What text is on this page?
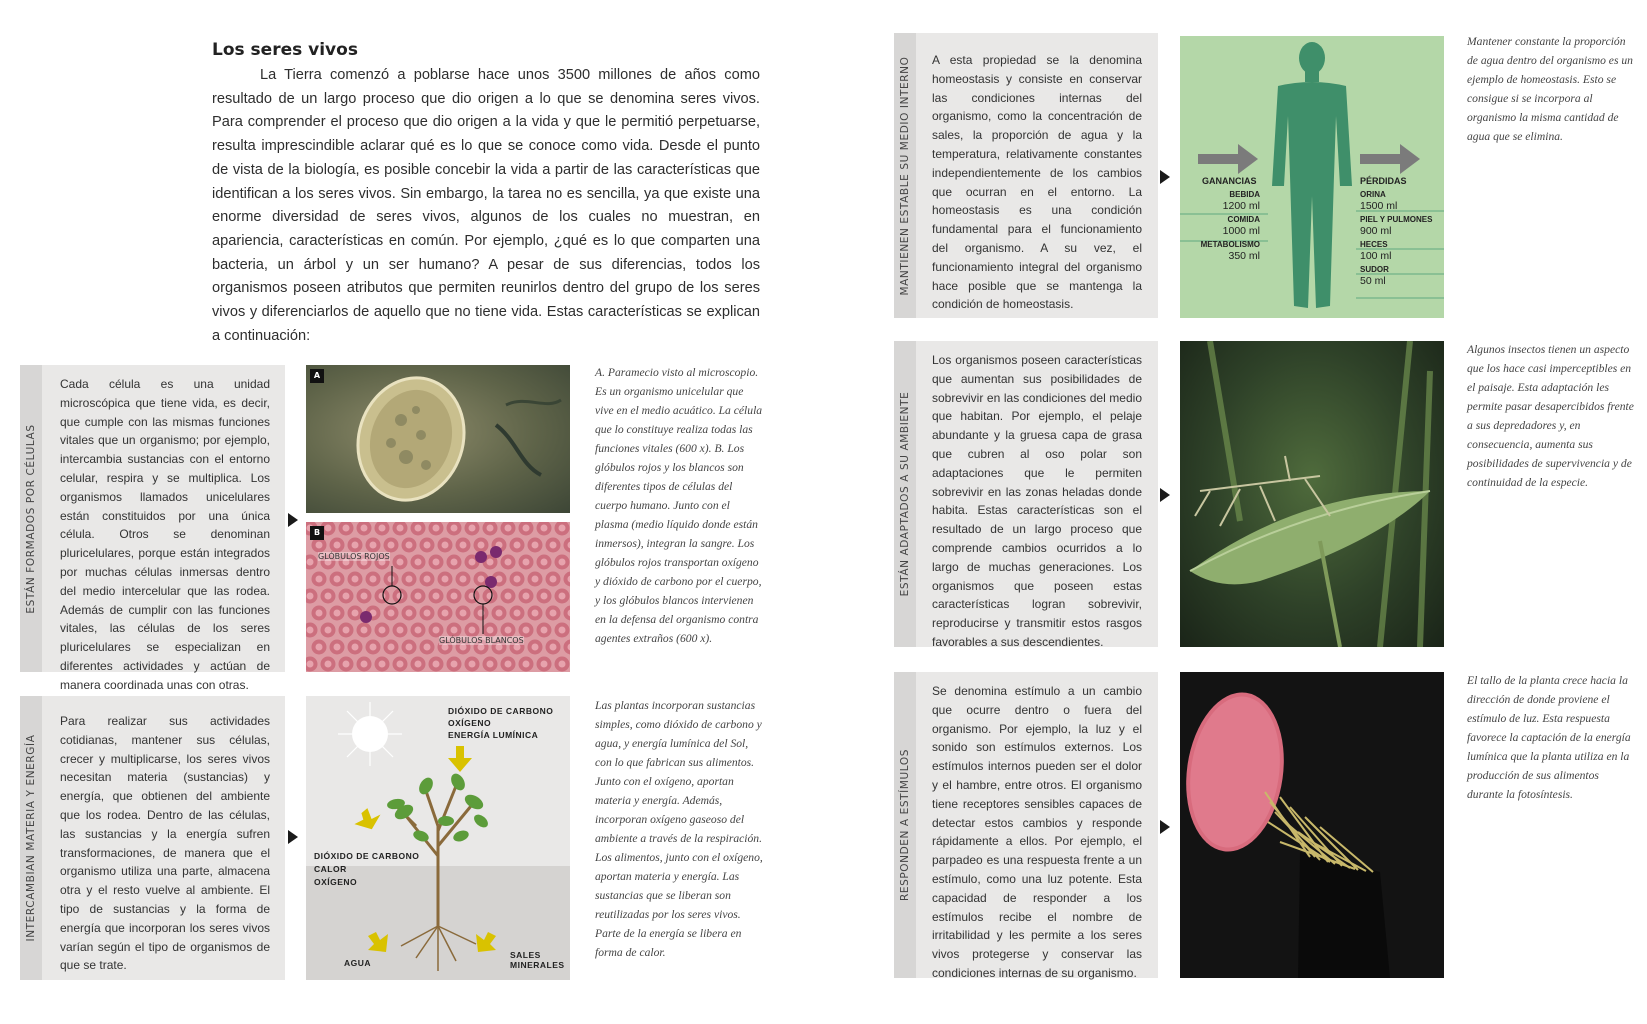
Los seres vivos

La Tierra comenzó a poblarse hace unos 3500 millones de años como resultado de un largo proceso que dio origen a lo que se denomina seres vivos. Para comprender el proceso que dio origen a la vida y que le permitió perpetuarse, resulta imprescindible aclarar qué es lo que se conoce como vida. Desde el punto de vista de la biología, es posible concebir la vida a partir de las características que identifican a los seres vivos. Sin embargo, la tarea no es sencilla, ya que existe una enorme diversidad de seres vivos, algunos de los cuales no muestran, en apariencia, características en común. Por ejemplo, ¿qué es lo que comparten una bacteria, un árbol y un ser humano? A pesar de sus diferencias, todos los organismos poseen atributos que permiten reunirlos dentro del grupo de los seres vivos y diferenciarlos de aquello que no tiene vida. Estas características se explican a continuación:

ESTÁN FORMADOS POR CÉLULAS
Cada célula es una unidad microscópica que tiene vida, es decir, que cumple con las mismas funciones vitales que un organismo; por ejemplo, intercambia sustancias con el entorno celular, respira y se multiplica. Los organismos llamados unicelulares están constituidos por una única célula. Otros se denominan pluricelulares, porque están integrados por muchas células inmersas dentro del medio intercelular que las rodea. Además de cumplir con las funciones vitales, las células de los seres pluricelulares se especializan en diferentes actividades y actúan de manera coordinada unas con otras.
A
B
GLÓBULOS ROJOS
GLÓBULOS BLANCOS
A. Paramecio visto al microscopio. Es un organismo unicelular que vive en el medio acuático. La célula que lo constituye realiza todas las funciones vitales (600 x). B. Los glóbulos rojos y los blancos son diferentes tipos de células del cuerpo humano. Junto con el plasma (medio líquido donde están inmersos), integran la sangre. Los glóbulos rojos transportan oxígeno y dióxido de carbono por el cuerpo, y los glóbulos blancos intervienen en la defensa del organismo contra agentes extraños (600 x).
INTERCAMBIAN MATERIA Y ENERGÍA
Para realizar sus actividades cotidianas, mantener sus células, crecer y multiplicarse, los seres vivos necesitan materia (sustancias) y energía, que obtienen del ambiente que los rodea. Dentro de las células, las sustancias y la energía sufren transformaciones, de manera que el organismo utiliza una parte, almacena otra y el resto vuelve al ambiente. El tipo de sustancias y la forma de energía que incorporan los seres vivos varían según el tipo de organismos de que se trate.
DIÓXIDO DE CARBONO
OXÍGENO
ENERGÍA LUMÍNICA
DIÓXIDO DE CARBONO
CALOR
OXÍGENO
AGUA
SALES
MINERALES
Las plantas incorporan sustancias simples, como dióxido de carbono y agua, y energía lumínica del Sol, con lo que fabrican sus alimentos. Junto con el oxígeno, aportan materia y energía. Además, incorporan oxígeno gaseoso del ambiente a través de la respiración. Los alimentos, junto con el oxígeno, aportan materia y energía. Las sustancias que se liberan son reutilizadas por los seres vivos. Parte de la energía se libera en forma de calor.
MANTIENEN ESTABLE SU MEDIO INTERNO A esta propiedad se la denomina homeostasis y consiste en conservar las condiciones internas del organismo, como la concentración de sales, la proporción de agua y la temperatura, relativamente constantes independientemente de los cambios que ocurran en el entorno. La homeostasis es una condición fundamental para el funcionamiento del organismo. A su vez, el funcionamiento integral del organismo hace posible que se mantenga la condición de homeostasis.
GANANCIAS
BEBIDA
1200 ml
COMIDA
1000 ml
METABOLISMO
350 ml
PÉRDIDAS
ORINA
1500 ml
PIEL Y PULMONES
900 ml
HECES
100 ml
SUDOR
50 ml
Mantener constante la proporción de agua dentro del organismo es un ejemplo de homeostasis. Esto se consigue si se incorpora al organismo la misma cantidad de agua que se elimina.
ESTÁN ADAPTADOS A SU AMBIENTE
Los organismos poseen características que aumentan sus posibilidades de sobrevivir en las condiciones del medio que habitan. Por ejemplo, el pelaje abundante y la gruesa capa de grasa que cubren al oso polar son adaptaciones que le permiten sobrevivir en las zonas heladas donde habita. Estas características son el resultado de un largo proceso que comprende cambios ocurridos a lo largo de muchas generaciones. Los organismos que poseen estas características logran sobrevivir, reproducirse y transmitir estos rasgos favorables a sus descendientes.
Algunos insectos tienen un aspecto que los hace casi imperceptibles en el paisaje. Esta adaptación les permite pasar desapercibidos frente a sus depredadores y, en consecuencia, aumenta sus posibilidades de supervivencia y de continuidad de la especie.
RESPONDEN A ESTÍMULOS
Se denomina estímulo a un cambio que ocurre dentro o fuera del organismo. Por ejemplo, la luz y el sonido son estímulos externos. Los estímulos internos pueden ser el dolor y el hambre, entre otros. El organismo tiene receptores sensibles capaces de detectar estos cambios y responde rápidamente a ellos. Por ejemplo, el parpadeo es una respuesta frente a un estímulo, como una luz potente. Esta capacidad de responder a los estímulos recibe el nombre de irritabilidad y les permite a los seres vivos protegerse y conservar las condiciones internas de su organismo.
El tallo de la planta crece hacia la dirección de donde proviene el estímulo de luz. Esta respuesta favorece la captación de la energía lumínica que la planta utiliza en la producción de sus alimentos durante la fotosíntesis.
